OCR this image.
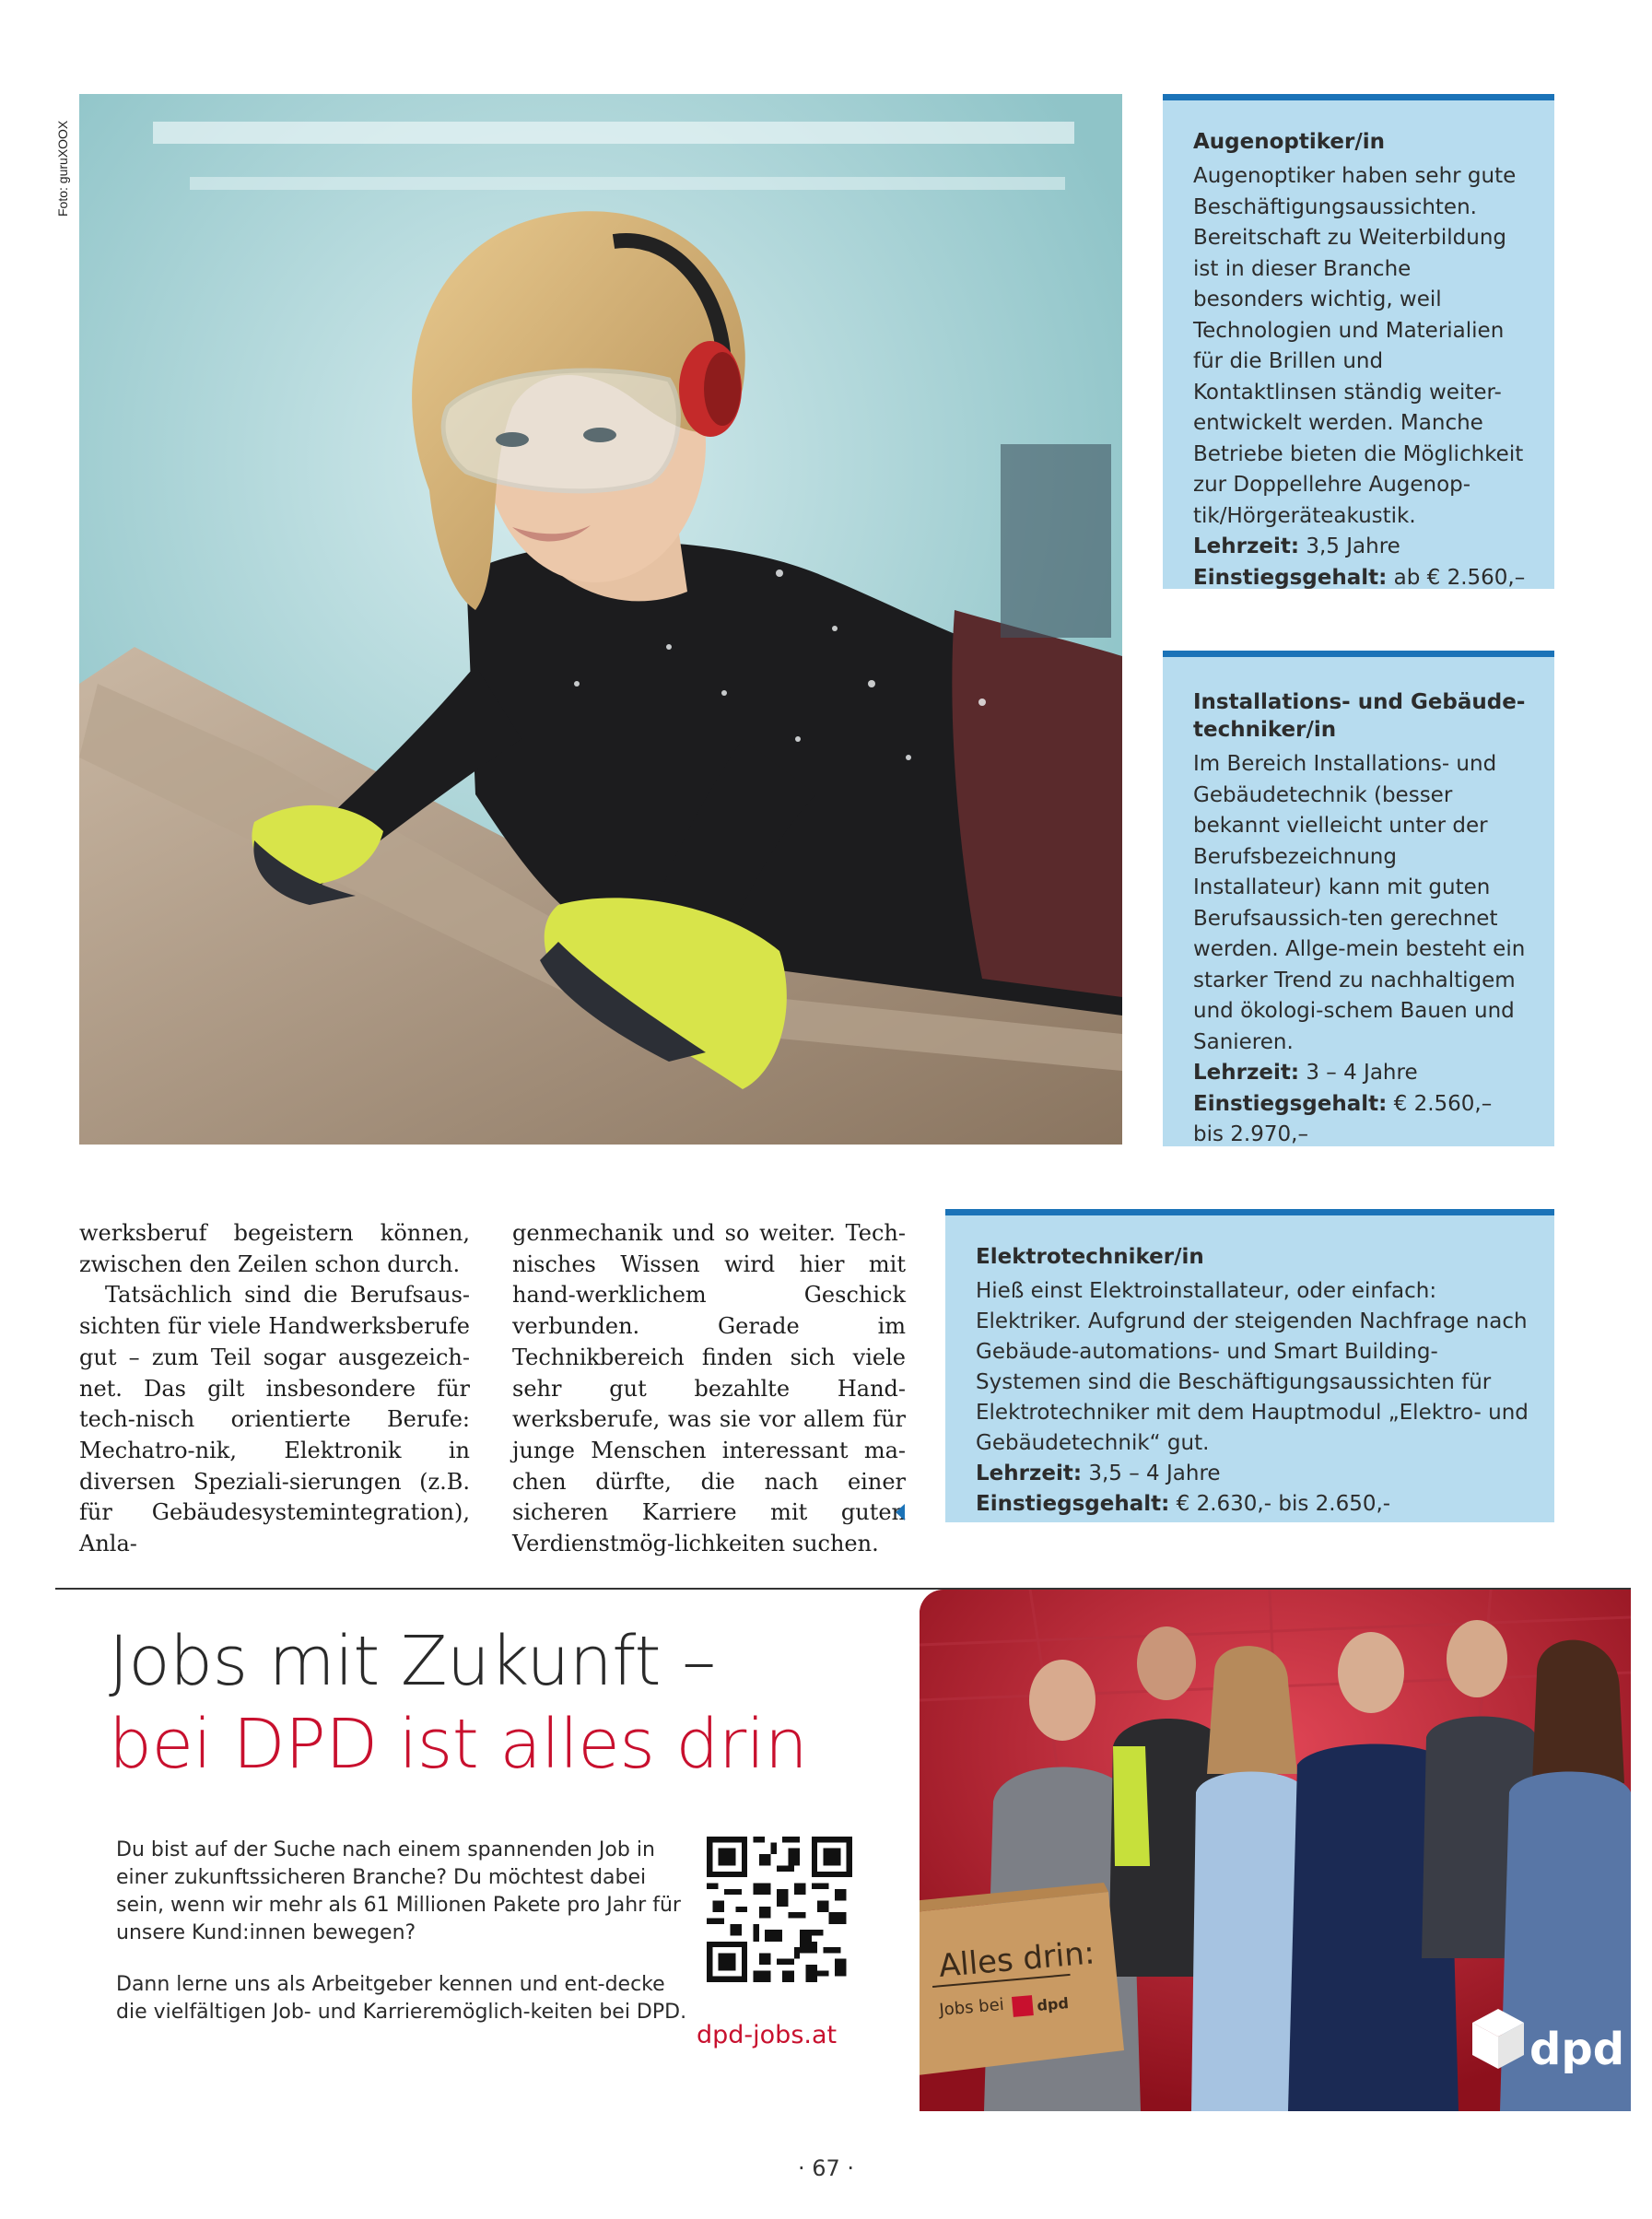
Foto: guruXOOX	Augenoptiker/in

Augenoptiker haben sehr gute Beschäftigungsaussichten. Bereitschaft zu Weiterbildung ist in dieser Branche besonders wichtig, weil Technologien und Materialien für die Brillen und Kontaktlinsen ständig weiter-entwickelt werden. Manche Betriebe bieten die Möglichkeit zur Doppellehre Augenop-tik/Hörgeräteakustik.

Lehrzeit: 3,5 Jahre
Einstiegsgehalt: ab € 2.560,–
Installations- und Gebäude-techniker/in

Im Bereich Installations- und Gebäudetechnik (besser bekannt vielleicht unter der Berufsbezeichnung Installateur) kann mit guten Berufsaussich-ten gerechnet werden. Allge-mein besteht ein starker Trend zu nachhaltigem und ökologi-schem Bauen und Sanieren.

Lehrzeit: 3 – 4 Jahre
Einstiegsgehalt: € 2.560,– bis 2.970,–

werksberuf begeistern können, zwischen den Zeilen schon durch.

Tatsächlich sind die Berufsaus-sichten für viele Handwerksberufe gut – zum Teil sogar ausgezeich-net. Das gilt insbesondere für tech-nisch orientierte Berufe: Mechatro-nik, Elektronik in diversen Speziali-sierungen (z.B. für Gebäudesystemintegration), Anla-

genmechanik und so weiter. Tech-nisches Wissen wird hier mit hand-werklichem Geschick verbunden. Gerade im Technikbereich finden sich viele sehr gut bezahlte Hand-werksberufe, was sie vor allem für junge Menschen interessant ma-chen dürfte, die nach einer sicheren Karriere mit guten Verdienstmög-lichkeiten suchen.

Elektrotechniker/in

Hieß einst Elektroinstallateur, oder einfach: Elektriker. Aufgrund der steigenden Nachfrage nach Gebäude-automations- und Smart Building-Systemen sind die Beschäftigungsaussichten für Elektrotechniker mit dem Hauptmodul „Elektro- und Gebäudetechnik“ gut.

Lehrzeit: 3,5 – 4 Jahre
Einstiegsgehalt: € 2.630,- bis 2.650,-
Jobs mit Zukunft –
bei DPD ist alles drin
Du bist auf der Suche nach einem spannenden Job in einer zukunftssicheren Branche? Du möchtest dabei sein, wenn wir mehr als 61 Millionen Pakete pro Jahr für unsere Kund:innen bewegen?
Dann lerne uns als Arbeitgeber kennen und ent-decke die vielfältigen Job- und Karrieremöglich-keiten bei DPD.
dpd-jobs.at
Alles drin:
Jobs bei dpd
dpd
· 67 ·
